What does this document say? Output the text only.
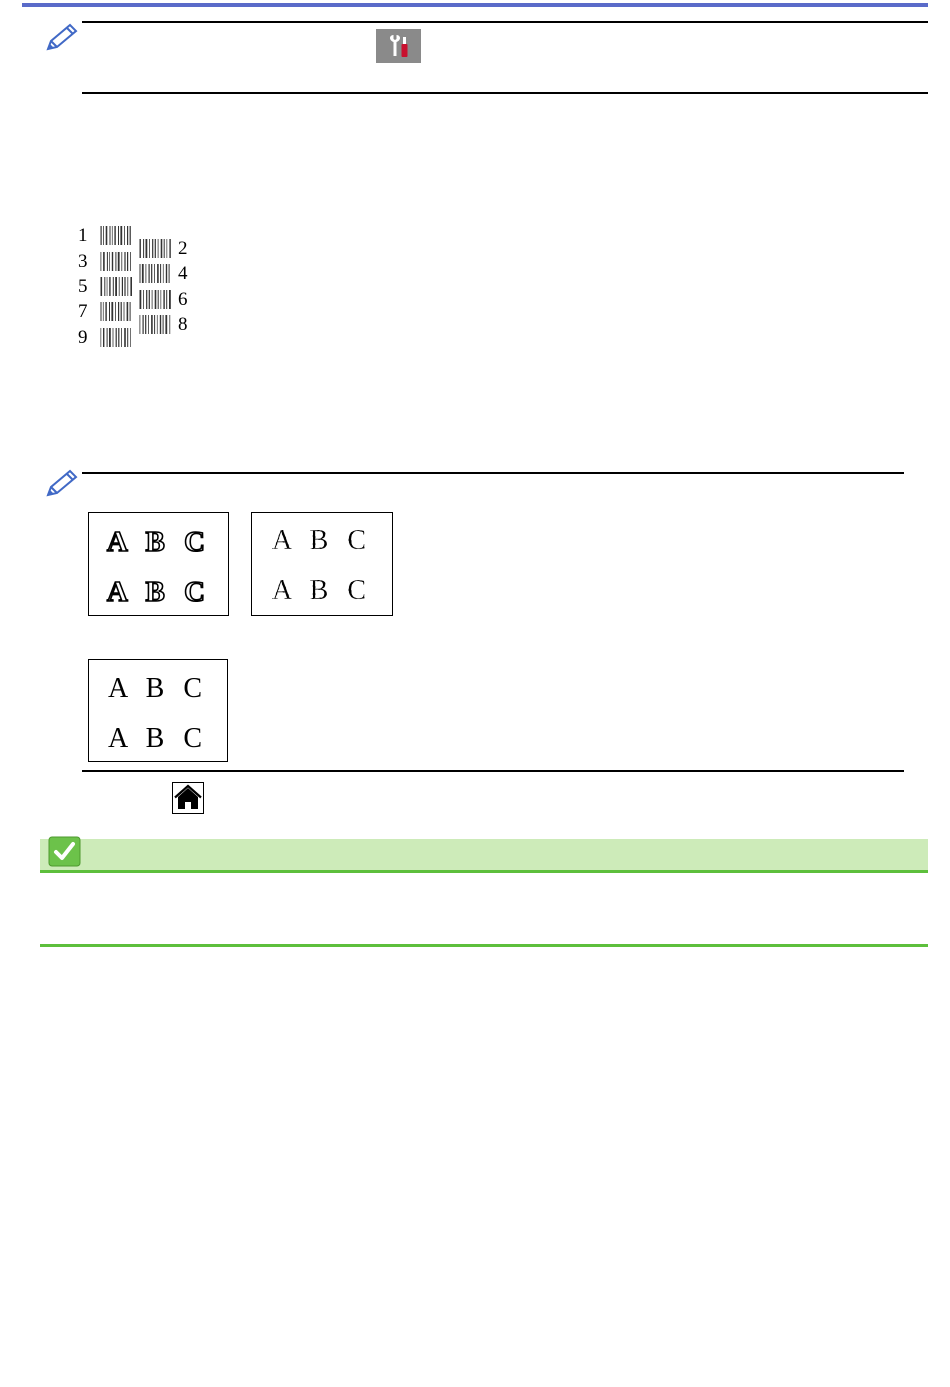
1
3
5
7
9
2
4
6
8
A B C
A B C
A B C
A B C
A B C
A B C
